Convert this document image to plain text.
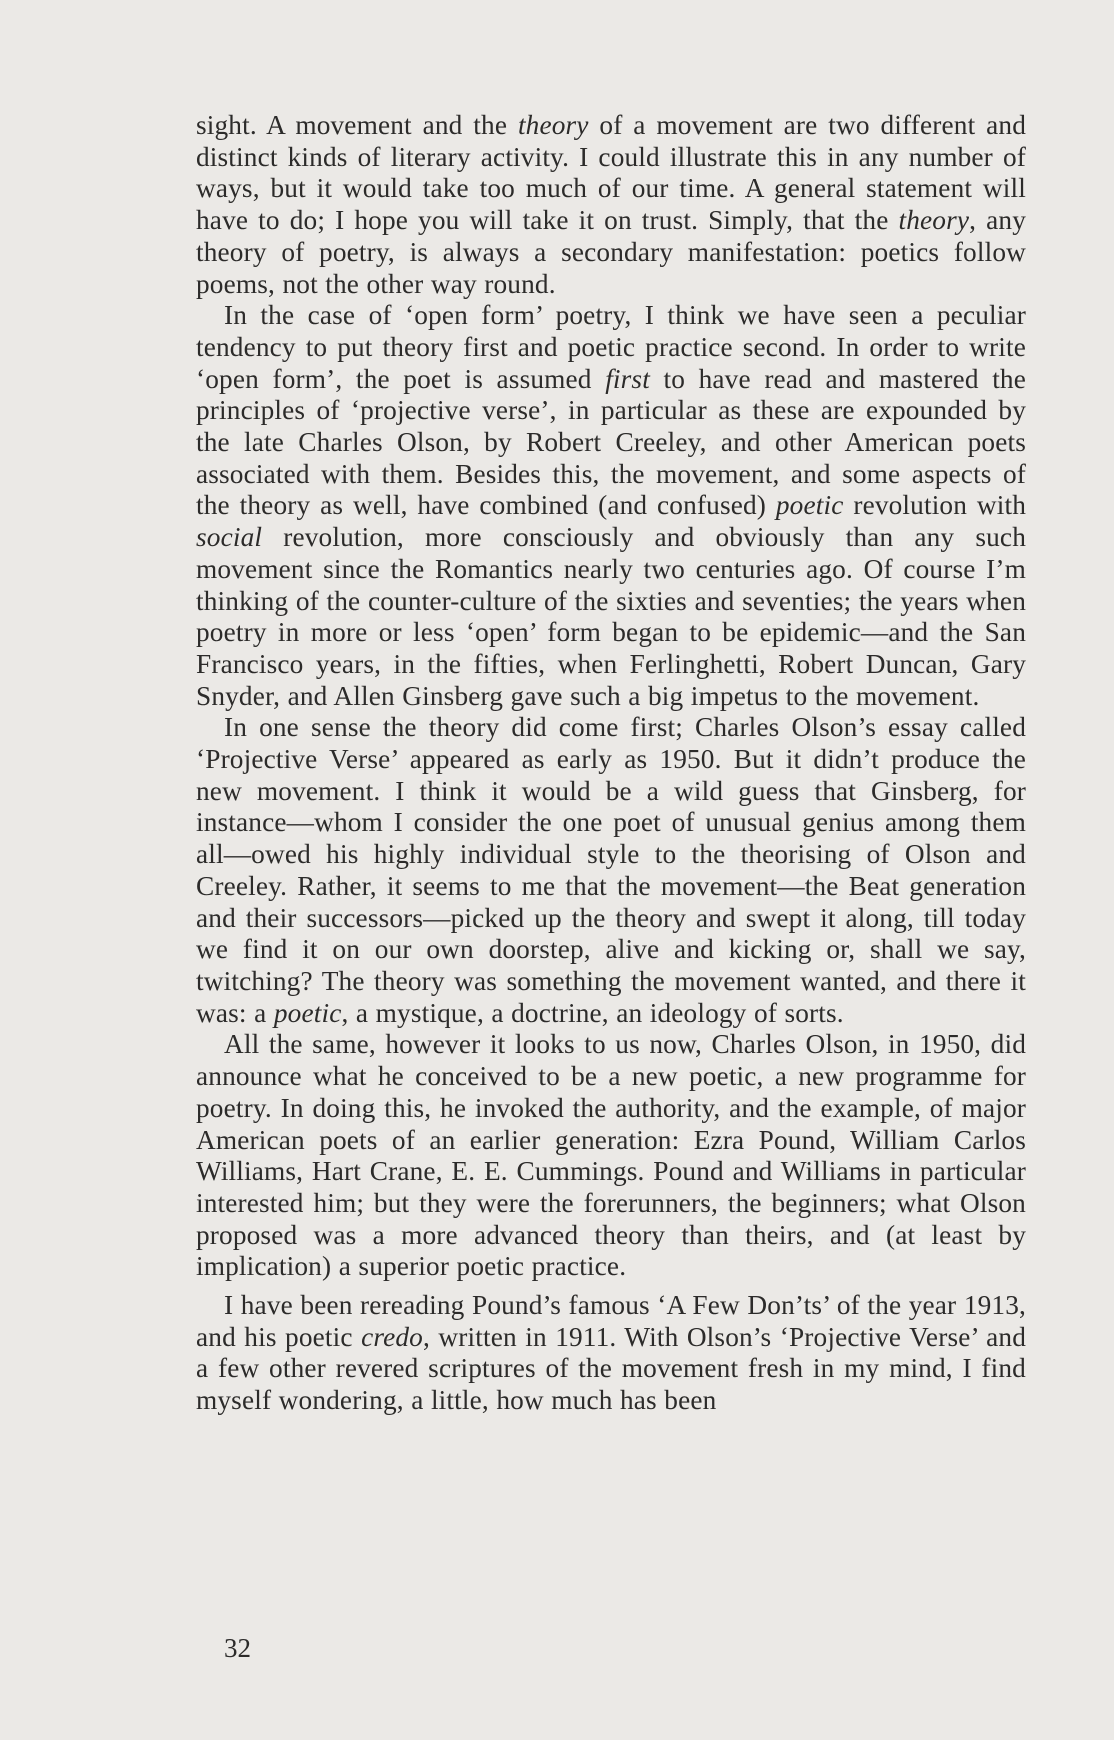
sight. A movement and the theory of a movement are two different and distinct kinds of literary activity. I could illustrate this in any number of ways, but it would take too much of our time. A general statement will have to do; I hope you will take it on trust. Simply, that the theory, any theory of poetry, is always a secondary manifestation: poetics follow poems, not the other way round.

In the case of ‘open form’ poetry, I think we have seen a peculiar tendency to put theory first and poetic practice second. In order to write ‘open form’, the poet is assumed first to have read and mastered the principles of ‘projective verse’, in particular as these are expounded by the late Charles Olson, by Robert Creeley, and other American poets associated with them. Besides this, the movement, and some aspects of the theory as well, have combined (and confused) poetic revolution with social revolution, more consciously and obviously than any such movement since the Romantics nearly two centuries ago. Of course I’m thinking of the counter-culture of the sixties and seventies; the years when poetry in more or less ‘open’ form began to be epidemic—and the San Francisco years, in the fifties, when Ferlinghetti, Robert Duncan, Gary Snyder, and Allen Ginsberg gave such a big impetus to the movement.

In one sense the theory did come first; Charles Olson’s essay called ‘Projective Verse’ appeared as early as 1950. But it didn’t produce the new movement. I think it would be a wild guess that Ginsberg, for instance—whom I consider the one poet of unusual genius among them all—owed his highly individual style to the theorising of Olson and Creeley. Rather, it seems to me that the movement—the Beat generation and their successors—picked up the theory and swept it along, till today we find it on our own doorstep, alive and kicking or, shall we say, twitching? The theory was something the movement wanted, and there it was: a poetic, a mystique, a doctrine, an ideology of sorts.

All the same, however it looks to us now, Charles Olson, in 1950, did announce what he conceived to be a new poetic, a new programme for poetry. In doing this, he invoked the authority, and the example, of major American poets of an earlier generation: Ezra Pound, William Carlos Williams, Hart Crane, E. E. Cummings. Pound and Williams in particular interested him; but they were the forerunners, the beginners; what Olson proposed was a more advanced theory than theirs, and (at least by implication) a superior poetic practice.

I have been rereading Pound’s famous ‘A Few Don’ts’ of the year 1913, and his poetic credo, written in 1911. With Olson’s ‘Projective Verse’ and a few other revered scriptures of the movement fresh in my mind, I find myself wondering, a little, how much has been

32
